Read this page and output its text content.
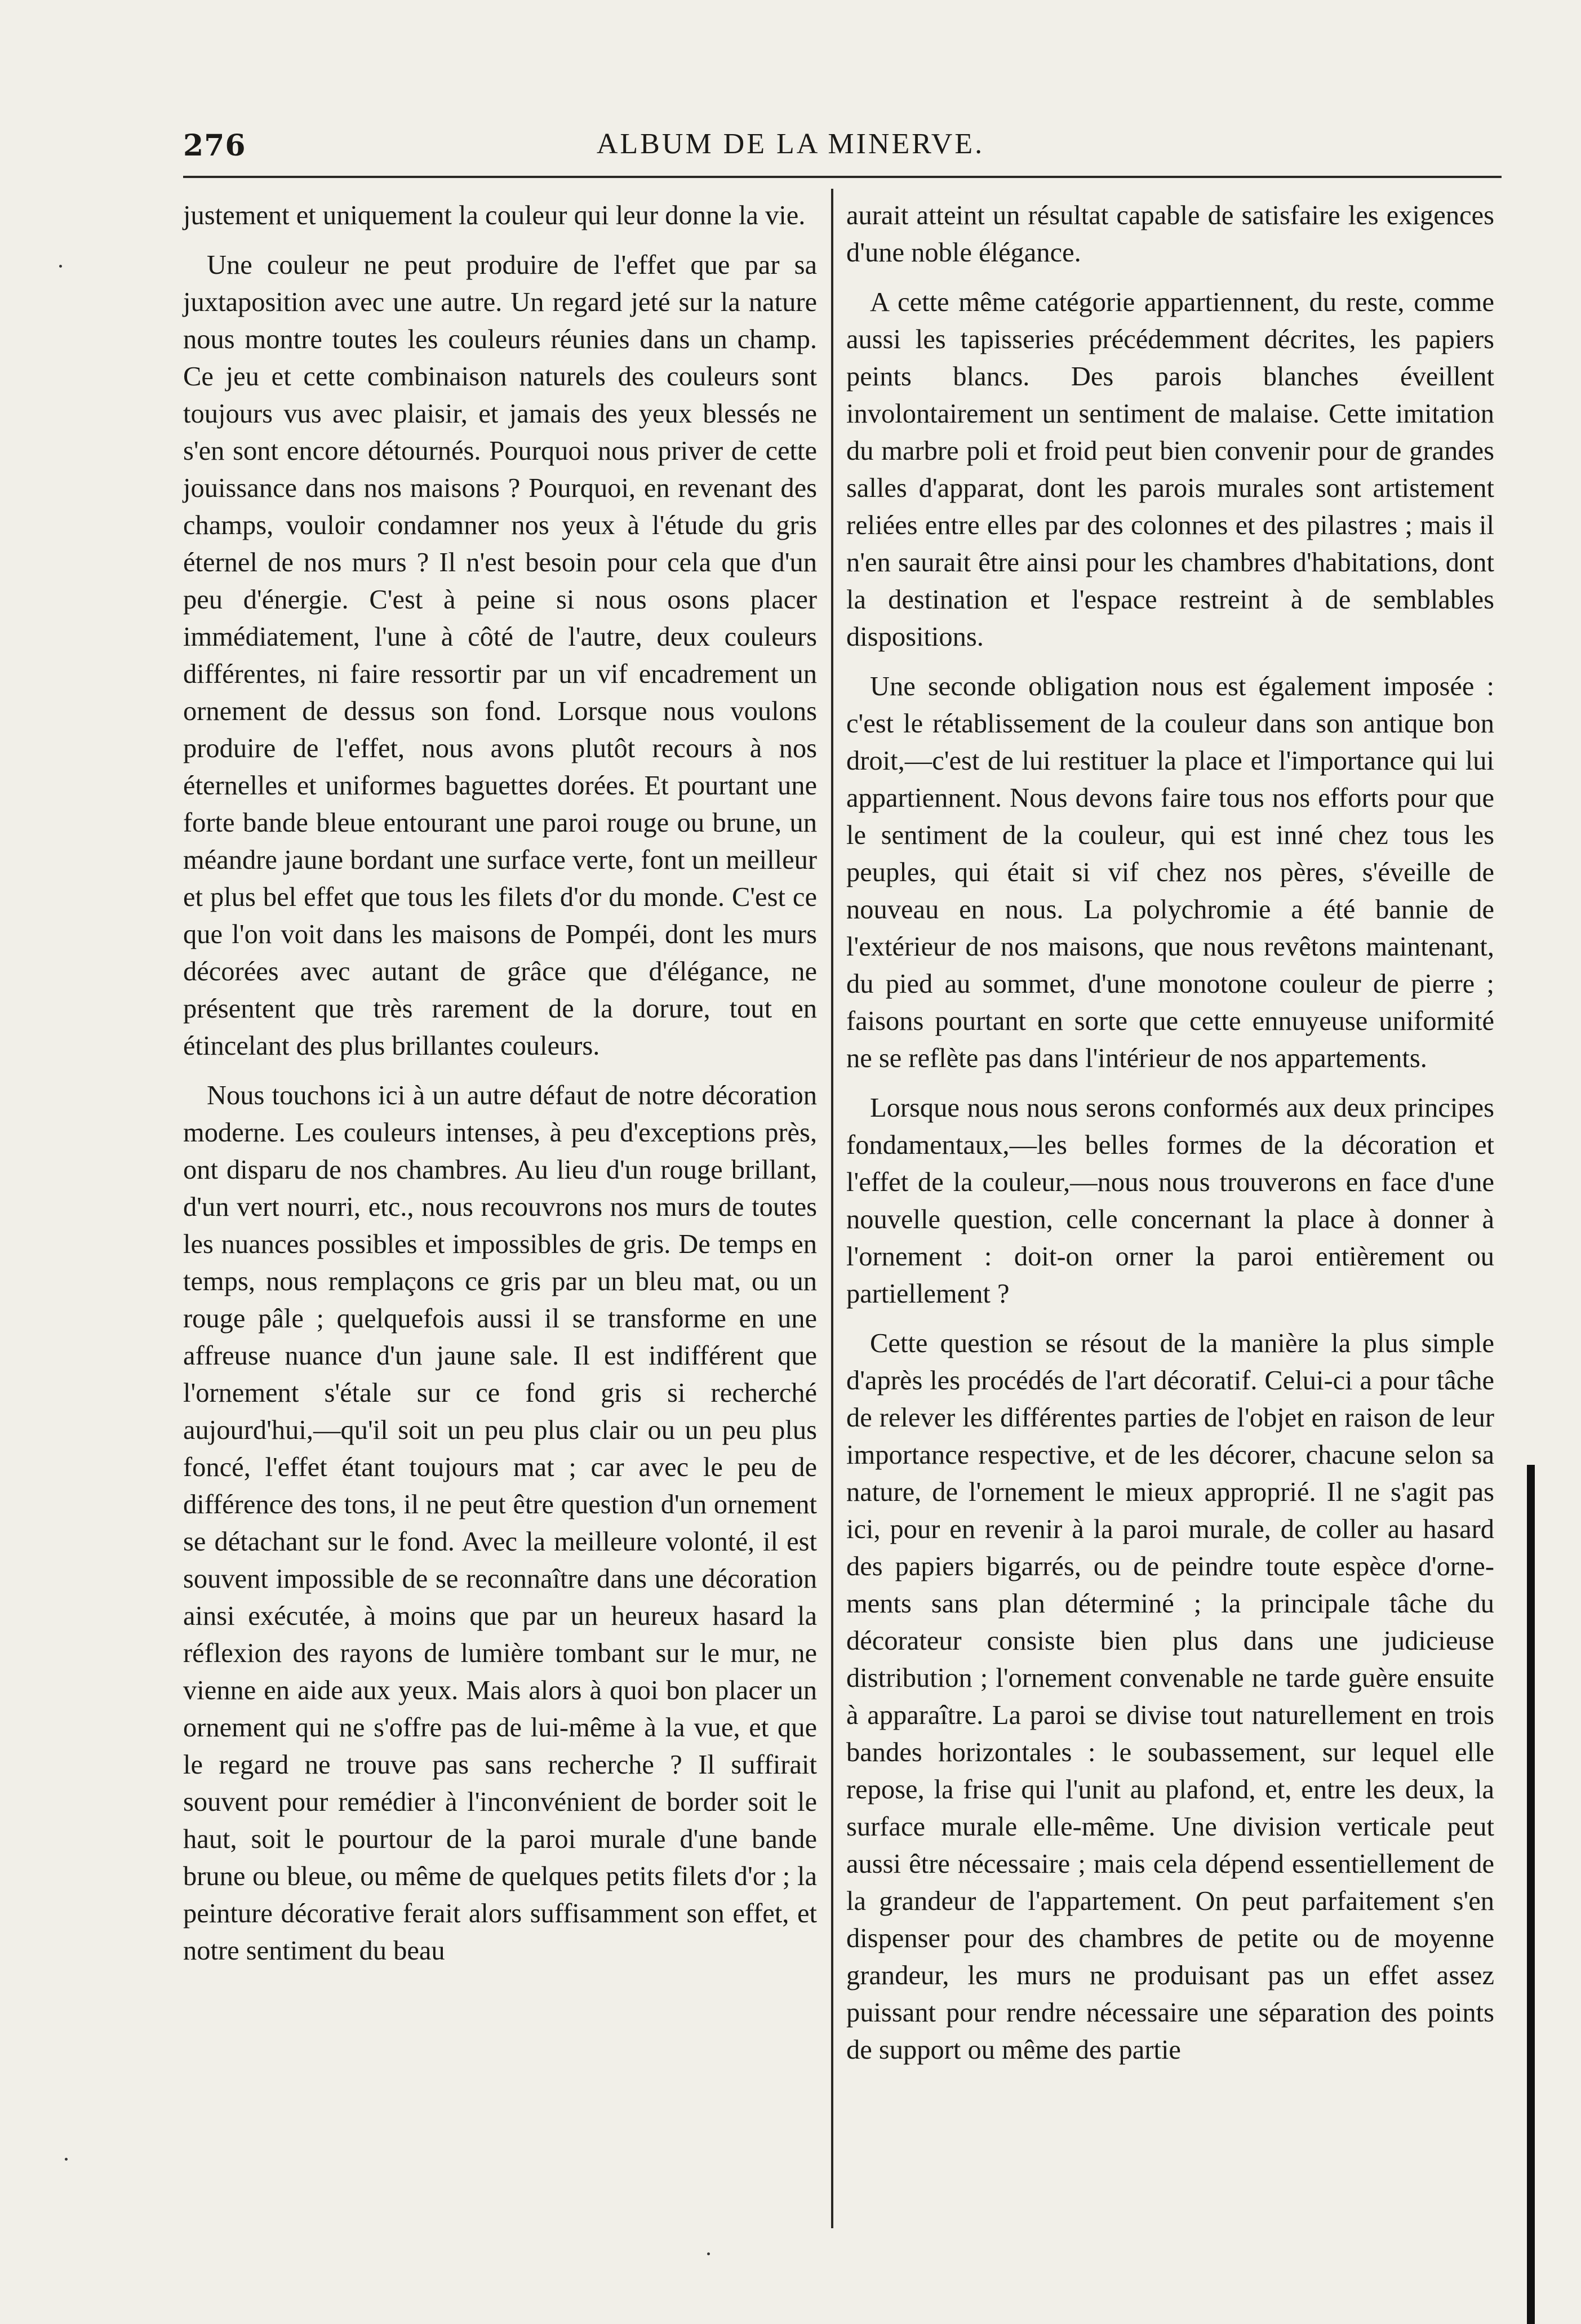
276	ALBUM DE LA MINERVE.

justement et uniquement la couleur qui leur donne la vie.

Une couleur ne peut produire de l'effet que par sa juxtaposition avec une autre. Un regard jeté sur la nature nous montre toutes les couleurs réunies dans un champ. Ce jeu et cette combinaison naturels des couleurs sont toujours vus avec plaisir, et jamais des yeux blessés ne s'en sont encore détournés. Pourquoi nous priver de cette jouissance dans nos maisons ? Pourquoi, en revenant des champs, vouloir condamner nos yeux à l'étude du gris éternel de nos murs ? Il n'est besoin pour cela que d'un peu d'énergie. C'est à peine si nous osons placer immédiatement, l'une à côté de l'autre, deux couleurs différentes, ni faire ressortir par un vif encadrement un ornement de dessus son fond. Lorsque nous voulons produire de l'effet, nous avons plutôt recours à nos éternelles et uniformes baguettes dorées. Et pourtant une forte bande bleue entourant une paroi rouge ou brune, un méandre jaune bordant une surface verte, font un meilleur et plus bel effet que tous les filets d'or du monde. C'est ce que l'on voit dans les maisons de Pompéi, dont les murs décorées avec autant de grâce que d'élégance, ne présentent que très rarement de la dorure, tout en étincelant des plus brillantes couleurs.

Nous touchons ici à un autre défaut de notre décoration moderne. Les couleurs intenses, à peu d'exceptions près, ont disparu de nos chambres. Au lieu d'un rouge brillant, d'un vert nourri, etc., nous recouvrons nos murs de toutes les nuances possibles et impossibles de gris. De temps en temps, nous remplaçons ce gris par un bleu mat, ou un rouge pâle ; quelquefois aussi il se transforme en une affreuse nuance d'un jaune sale. Il est indifférent que l'ornement s'étale sur ce fond gris si recherché aujourd'hui,—qu'il soit un peu plus clair ou un peu plus foncé, l'effet étant toujours mat ; car avec le peu de différence des tons, il ne peut être question d'un ornement se détachant sur le fond. Avec la meilleure volonté, il est souvent impossible de se reconnaître dans une décoration ainsi exécutée, à moins que par un heureux hasard la réflexion des rayons de lumière tombant sur le mur, ne vienne en aide aux yeux. Mais alors à quoi bon placer un ornement qui ne s'offre pas de lui-même à la vue, et que le regard ne trouve pas sans recherche ? Il suffirait souvent pour remédier à l'inconvénient de border soit le haut, soit le pourtour de la paroi murale d'une bande brune ou bleue, ou même de quelques petits filets d'or ; la peinture décorative ferait alors suffisamment son effet, et notre sentiment du beau

aurait atteint un résultat capable de satisfaire les exigences d'une noble élégance.

A cette même catégorie appartiennent, du reste, comme aussi les tapisseries précédemment décrites, les papiers peints blancs. Des parois blanches éveillent involontairement un sentiment de malaise. Cette imitation du marbre poli et froid peut bien convenir pour de grandes salles d'apparat, dont les parois murales sont artistement reliées entre elles par des colonnes et des pilastres ; mais il n'en saurait être ainsi pour les chambres d'habitations, dont la destination et l'espace restreint à de semblables dispositions.

Une seconde obligation nous est également imposée : c'est le rétablissement de la couleur dans son antique bon droit,—c'est de lui restituer la place et l'importance qui lui appartiennent. Nous devons faire tous nos efforts pour que le sentiment de la couleur, qui est inné chez tous les peuples, qui était si vif chez nos pères, s'éveille de nouveau en nous. La polychromie a été bannie de l'extérieur de nos maisons, que nous revêtons maintenant, du pied au sommet, d'une monotone couleur de pierre ; faisons pourtant en sorte que cette ennuyeuse uniformité ne se reflète pas dans l'intérieur de nos appartements.

Lorsque nous nous serons conformés aux deux principes fondamentaux,—les belles formes de la décoration et l'effet de la couleur,—nous nous trouverons en face d'une nouvelle question, celle concernant la place à donner à l'ornement : doit-on orner la paroi entièrement ou partiellement ?

Cette question se résout de la manière la plus simple d'après les procédés de l'art décoratif. Celui-ci a pour tâche de relever les différentes parties de l'objet en raison de leur importance respective, et de les décorer, chacune selon sa nature, de l'ornement le mieux approprié. Il ne s'agit pas ici, pour en revenir à la paroi murale, de coller au hasard des papiers bigarrés, ou de peindre toute espèce d'ornements sans plan déterminé ; la principale tâche du décorateur consiste bien plus dans une judicieuse distribution ; l'ornement convenable ne tarde guère ensuite à apparaître. La paroi se divise tout naturellement en trois bandes horizontales : le soubassement, sur lequel elle repose, la frise qui l'unit au plafond, et, entre les deux, la surface murale elle-même. Une division verticale peut aussi être nécessaire ; mais cela dépend essentiellement de la grandeur de l'appartement. On peut parfaitement s'en dispenser pour des chambres de petite ou de moyenne grandeur, les murs ne produisant pas un effet assez puissant pour rendre nécessaire une séparation des points de support ou même des partie
